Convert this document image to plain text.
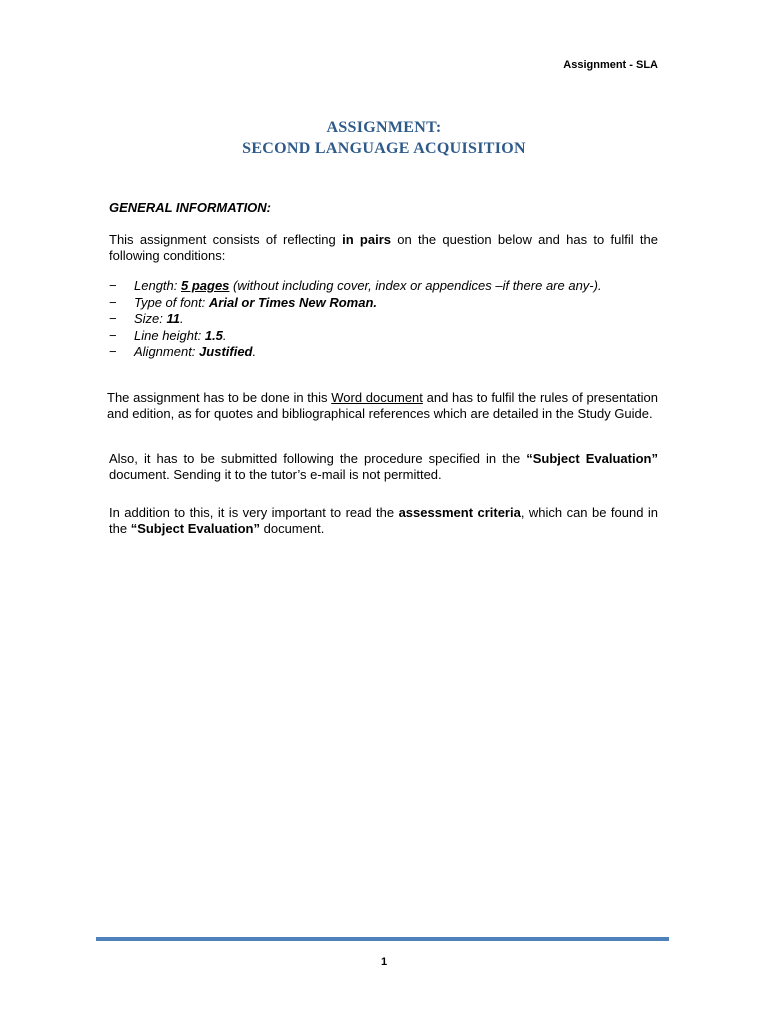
Assignment - SLA
ASSIGNMENT:
SECOND LANGUAGE ACQUISITION
GENERAL INFORMATION:
This assignment consists of reflecting in pairs on the question below and has to fulfil the following conditions:
− Length: 5 pages (without including cover, index or appendices –if there are any-).
− Type of font: Arial or Times New Roman.
− Size: 11.
− Line height: 1.5.
− Alignment: Justified.
The assignment has to be done in this Word document and has to fulfil the rules of presentation and edition, as for quotes and bibliographical references which are detailed in the Study Guide.
Also, it has to be submitted following the procedure specified in the “Subject Evaluation” document. Sending it to the tutor’s e-mail is not permitted.
In addition to this, it is very important to read the assessment criteria, which can be found in the “Subject Evaluation” document.
1
